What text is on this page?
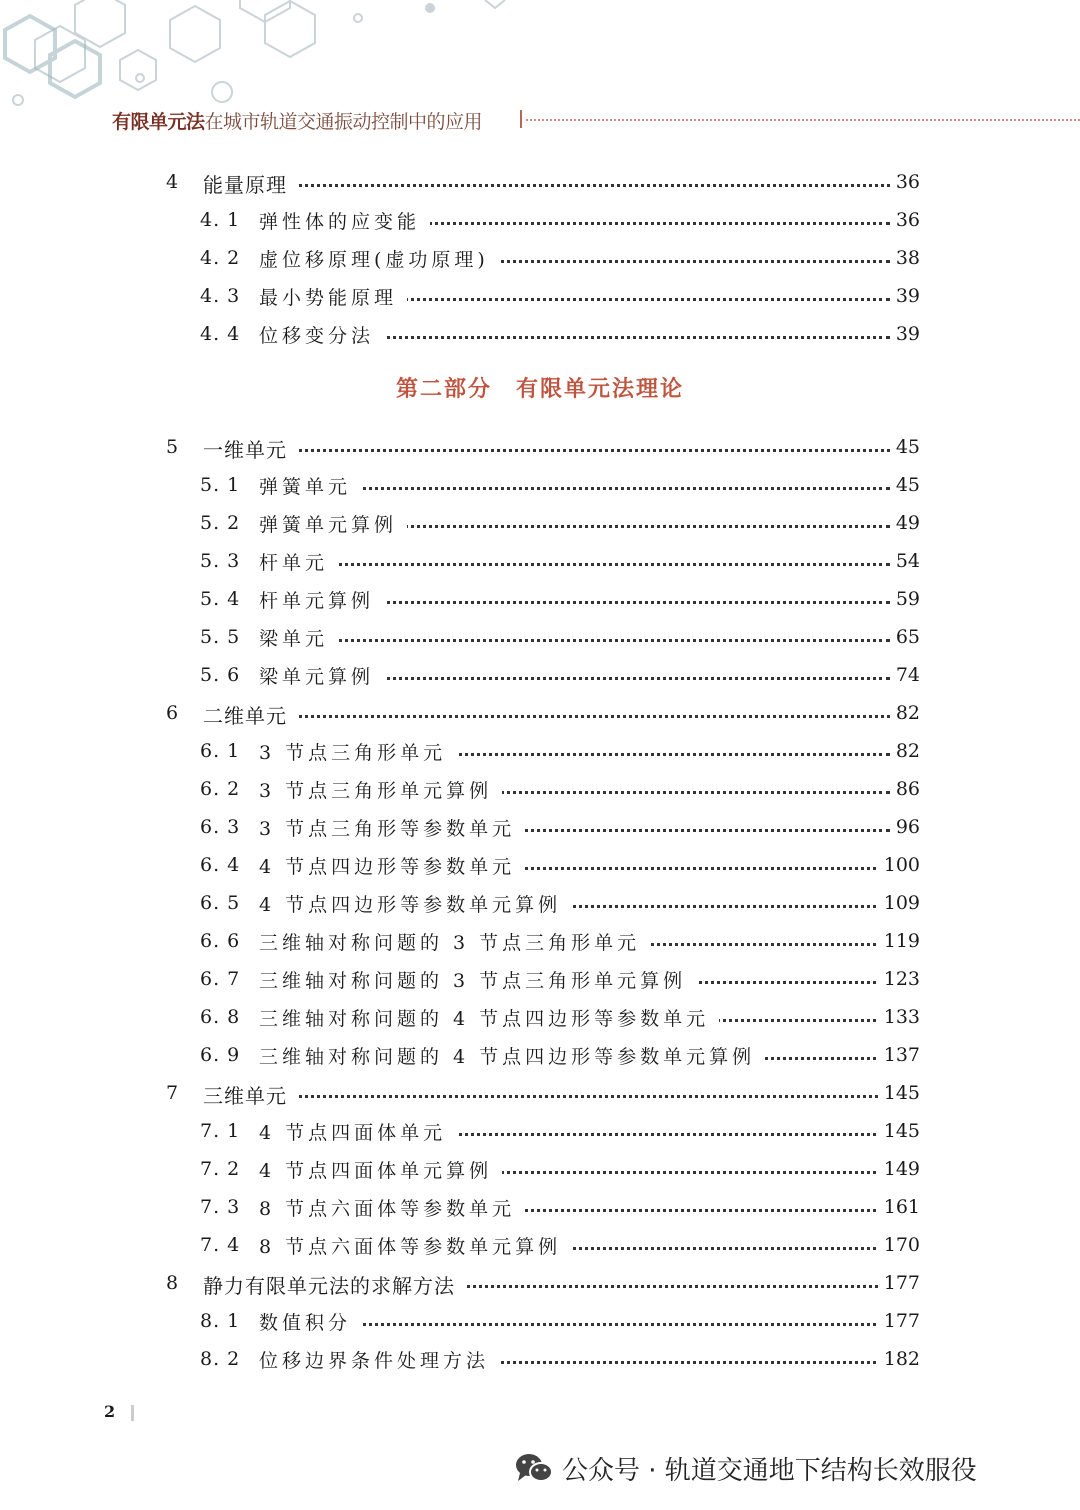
有限单元法在城市轨道交通振动控制中的应用
第二部分　有限单元法理论
4 能量原理	36
4. 1 弹性体的应变能	36
4. 2 虚位移原理(虚功原理)	38
4. 3 最小势能原理	39
4. 4 位移变分法	39
5 一维单元	45
5. 1 弹簧单元	45
5. 2 弹簧单元算例	49
5. 3 杆单元	54
5. 4 杆单元算例	59
5. 5 梁单元	65
5. 6 梁单元算例	74
6 二维单元	82
6. 1 3 节点三角形单元	82
6. 2 3 节点三角形单元算例	86
6. 3 3 节点三角形等参数单元	96
6. 4 4 节点四边形等参数单元	100
6. 5 4 节点四边形等参数单元算例	109
6. 6 三维轴对称问题的 3 节点三角形单元	119
6. 7 三维轴对称问题的 3 节点三角形单元算例	123
6. 8 三维轴对称问题的 4 节点四边形等参数单元	133
6. 9 三维轴对称问题的 4 节点四边形等参数单元算例	137
7 三维单元	145
7. 1 4 节点四面体单元	145
7. 2 4 节点四面体单元算例	149
7. 3 8 节点六面体等参数单元	161
7. 4 8 节点六面体等参数单元算例	170
8 静力有限单元法的求解方法	177
8. 1 数值积分	177
8. 2 位移边界条件处理方法	182
2
公众号 · 轨道交通地下结构长效服役
